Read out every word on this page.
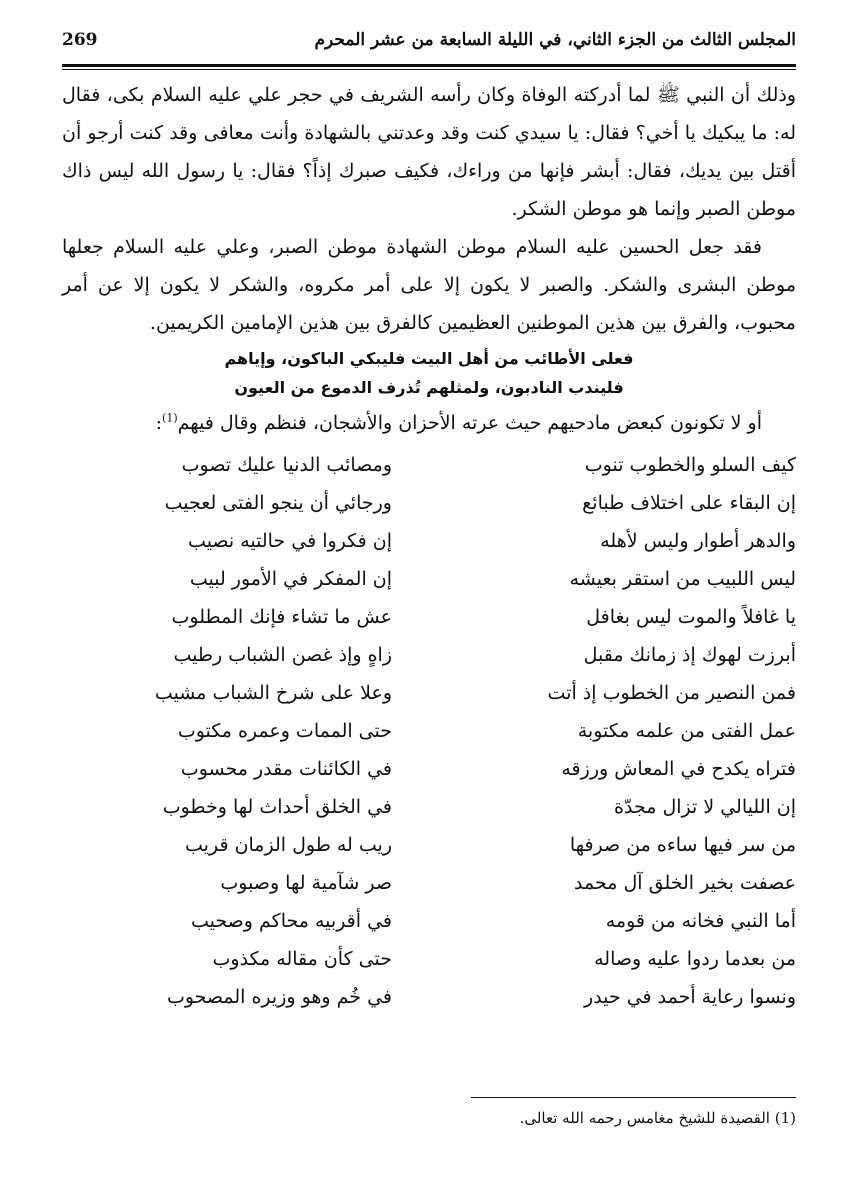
المجلس الثالث من الجزء الثاني، في الليلة السابعة من عشر المحرم
269

وذلك أن النبي ﷺ لما أدركته الوفاة وكان رأسه الشريف في حجر علي عليه السلام بكى، فقال له: ما يبكيك يا أخي؟ فقال: يا سيدي كنت وقد وعدتني بالشهادة وأنت معافى وقد كنت أرجو أن أقتل بين يديك، فقال: أبشر فإنها من وراءك، فكيف صبرك إذاً؟ فقال: يا رسول الله ليس ذاك موطن الصبر وإنما هو موطن الشكر.

فقد جعل الحسين عليه السلام موطن الشهادة موطن الصبر، وعلي عليه السلام جعلها موطن البشرى والشكر. والصبر لا يكون إلا على أمر مكروه، والشكر لا يكون إلا عن أمر محبوب، والفرق بين هذين الموطنين العظيمين كالفرق بين هذين الإمامين الكريمين.

فعلى الأطائب من أهل البيت فليبكي الباكون، وإياهم
فليندب النادبون، ولمثلهم تُذرف الدموع من العيون

أو لا تكونون كبعض مادحيهم حيث عرته الأحزان والأشجان، فنظم وقال فيهم$^{(1)}$:

كيف السلو والخطوب تنوب
ومصائب الدنيا عليك تصوب
إن البقاء على اختلاف طبائع
ورجائي أن ينجو الفتى لعجيب
والدهر أطوار وليس لأهله
إن فكروا في حالتيه نصيب
ليس اللبيب من استقر بعيشه
إن المفكر في الأمور لبيب
يا غافلاً والموت ليس بغافل
عش ما تشاء فإنك المطلوب
أبرزت لهوك إذ زمانك مقبل
زاهٍ وإذ غصن الشباب رطيب
فمن النصير من الخطوب إذ أتت
وعلا على شرخ الشباب مشيب
عمل الفتى من علمه مكتوبة
حتى الممات وعمره مكتوب
فتراه يكدح في المعاش ورزقه
في الكائنات مقدر محسوب
إن الليالي لا تزال مجدّة
في الخلق أحداث لها وخطوب
من سر فيها ساءه من صرفها
ريب له طول الزمان قريب
عصفت بخير الخلق آل محمد
صر شآمية لها وصبوب
أما النبي فخانه من قومه
في أقربيه محاكم وصحيب
من بعدما ردوا عليه وصاله
حتى كأن مقاله مكذوب
ونسوا رعاية أحمد في حيدر
في خُم وهو وزيره المصحوب
(1) القصيدة للشيخ مغامس رحمه الله تعالى.
